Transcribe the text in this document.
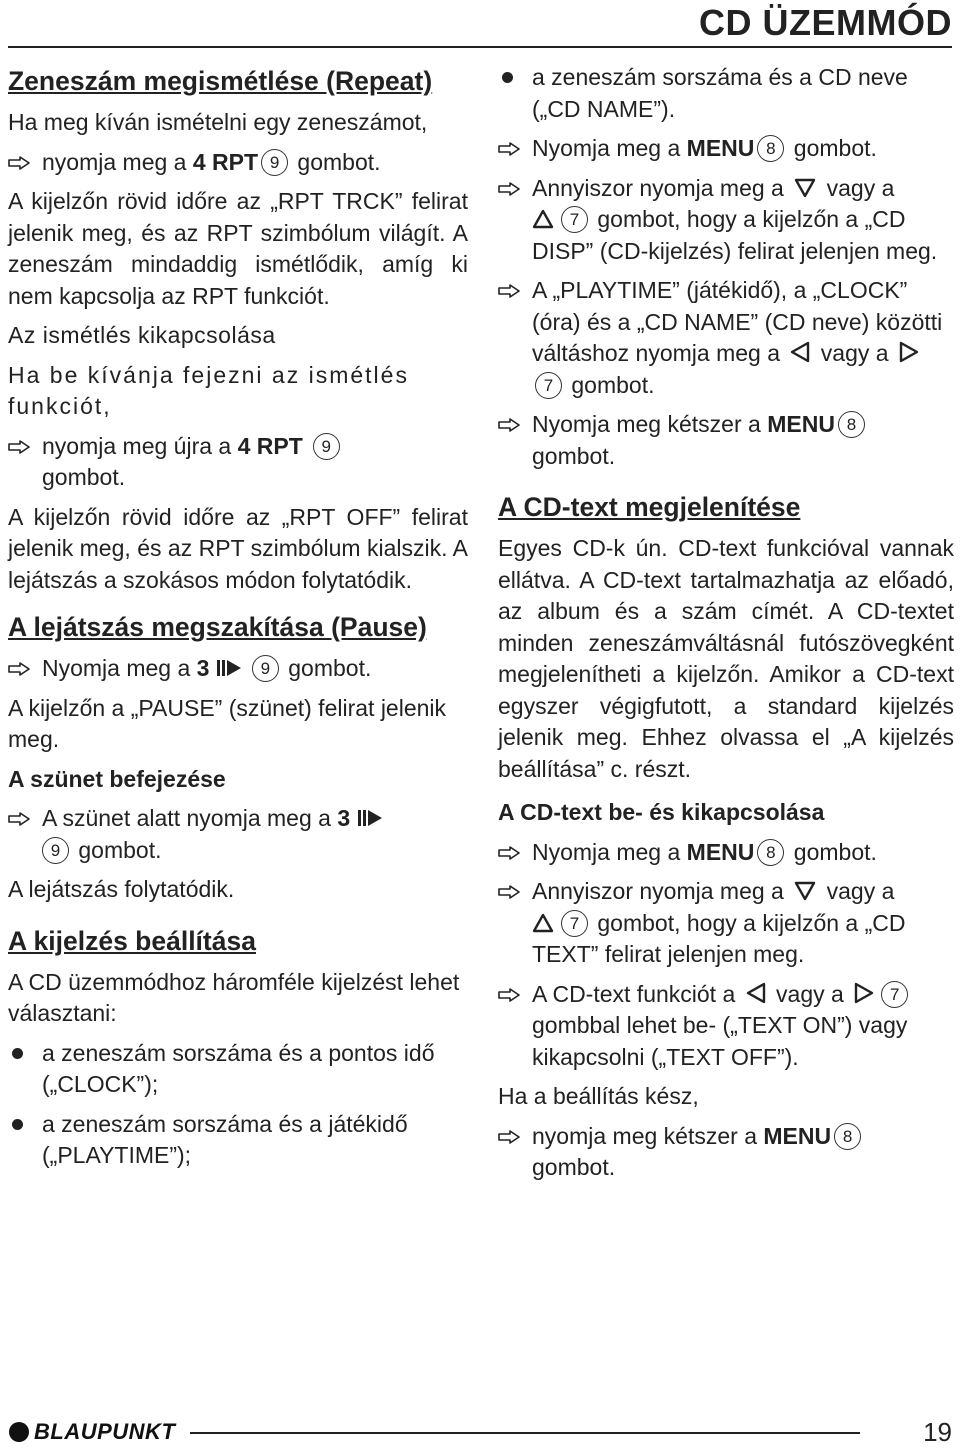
CD ÜZEMMÓD
Zeneszám megismétlése (Repeat)

Ha meg kíván ismételni egy zeneszámot,

nyomja meg a 4 RPT 9 gombot.

A kijelzőn rövid időre az „RPT TRCK” felirat jelenik meg, és az RPT szimbólum világít. A zeneszám mindaddig ismétlődik, amíg ki nem kapcsolja az RPT funkciót.

Az ismétlés kikapcsolása

Ha be kívánja fejezni az ismétlés funkciót,

nyomja meg újra a 4 RPT 9
gombot.

A kijelzőn rövid időre az „RPT OFF” felirat jelenik meg, és az RPT szimbólum kialszik. A lejátszás a szokásos módon folytatódik.

A lejátszás megszakítása (Pause)
Nyomja meg a 3	9 gombot.

A kijelzőn a „PAUSE” (szünet) felirat jelenik meg.

A szünet befejezése
A szünet alatt nyomja meg a 3
9 gombot.

A lejátszás folytatódik.

A kijelzés beállítása

A CD üzemmódhoz háromféle kijelzést lehet választani:

a zeneszám sorszáma és a pontos idő („CLOCK”);
a zeneszám sorszáma és a játékidő („PLAYTIME”);
a zeneszám sorszáma és a CD neve („CD NAME”).
Nyomja meg a MENU 8 gombot.
Annyiszor nyomja meg a  vagy a
7 gombot, hogy a kijelzőn a „CD DISP” (CD-kijelzés) felirat jelenjen meg.
A „PLAYTIME” (játékidő), a „CLOCK” (óra) és a „CD NAME” (CD neve) közötti váltáshoz nyomja meg a  vagy a 7 gombot.
Nyomja meg kétszer a MENU 8
gombot.
A CD-text megjelenítése

Egyes CD-k ún. CD-text funkcióval vannak ellátva. A CD-text tartalmazhatja az előadó, az album és a szám címét. A CD-textet minden zeneszámváltásnál futószövegként megjelenítheti a kijelzőn. Amikor a CD-text egyszer végigfutott, a standard kijelzés jelenik meg. Ehhez olvassa el „A kijelzés beállítása” c. részt.

A CD-text be- és kikapcsolása
Nyomja meg a MENU 8 gombot.
Annyiszor nyomja meg a  vagy a
7 gombot, hogy a kijelzőn a „CD TEXT” felirat jelenjen meg.
A CD-text funkciót a  vagy a 7
gombbal lehet be- („TEXT ON”) vagy kikapcsolni („TEXT OFF”).

Ha a beállítás kész,

nyomja meg kétszer a MENU 8
gombot.
BLAUPUNKT	19
